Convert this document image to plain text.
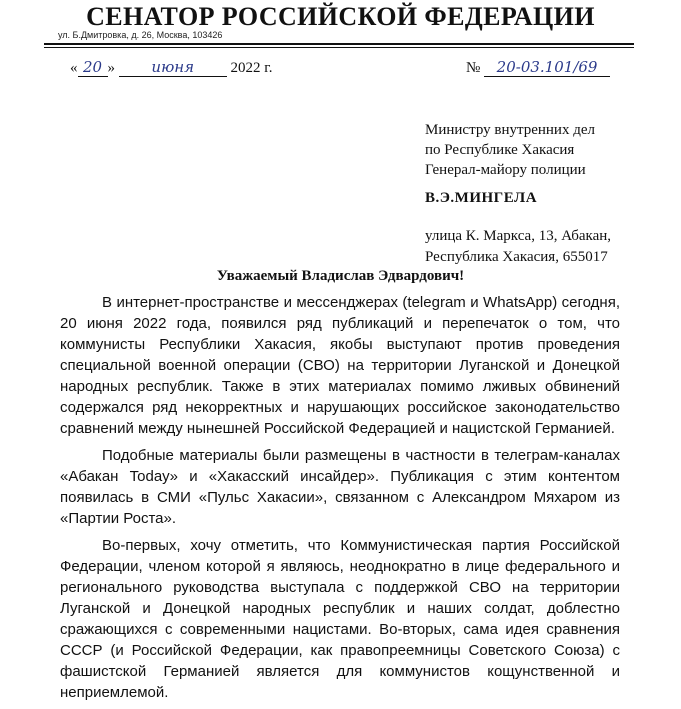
СЕНАТОР РОССИЙСКОЙ ФЕДЕРАЦИИ
ул. Б.Дмитровка, д. 26, Москва, 103426
« 20 » июня 2022 г.	№ 20-03.101/69
Министру внутренних дел
по Республике Хакасия
Генерал-майору полиции
В.Э.МИНГЕЛА
улица К. Маркса, 13, Абакан,
Республика Хакасия, 655017
Уважаемый Владислав Эдвардович!

В интернет-пространстве и мессенджерах (telegram и WhatsApp) сегодня, 20 июня 2022 года, появился ряд публикаций и перепечаток о том, что коммунисты Республики Хакасия, якобы выступают против проведения специальной военной операции (СВО) на территории Луганской и Донецкой народных республик. Также в этих материалах помимо лживых обвинений содержался ряд некорректных и нарушающих российское законодательство сравнений между нынешней Российской Федерацией и нацистской Германией.

Подобные материалы были размещены в частности в телеграм-каналах «Абакан Today» и «Хакасский инсайдер». Публикация с этим контентом появилась в СМИ «Пульс Хакасии», связанном с Александром Мяхаром из «Партии Роста».

Во-первых, хочу отметить, что Коммунистическая партия Российской Федерации, членом которой я являюсь, неоднократно в лице федерального и регионального руководства выступала с поддержкой СВО на территории Луганской и Донецкой народных республик и наших солдат, доблестно сражающихся с современными нацистами. Во-вторых, сама идея сравнения СССР (и Российской Федерации, как правопреемницы Советского Союза) с фашистской Германией является для коммунистов кощунственной и неприемлемой.
